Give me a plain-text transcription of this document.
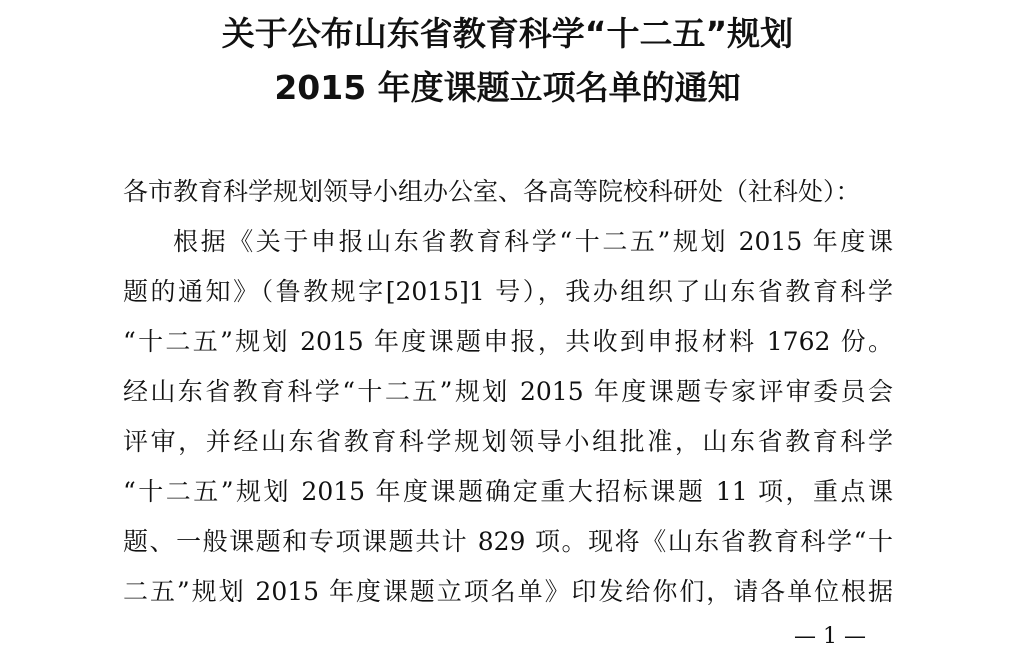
关于公布山东省教育科学“十二五”规划
2015 年度课题立项名单的通知
各市教育科学规划领导小组办公室、各高等院校科研处（社科处）：
根据《关于申报山东省教育科学“十二五”规划 2015 年度课
题的通知》（鲁教规字[2015]1 号），我办组织了山东省教育科学
“十二五”规划 2015 年度课题申报，共收到申报材料 1762 份。
经山东省教育科学“十二五”规划 2015 年度课题专家评审委员会
评审，并经山东省教育科学规划领导小组批准，山东省教育科学
“十二五”规划 2015 年度课题确定重大招标课题 11 项，重点课
题、一般课题和专项课题共计 829 项。现将《山东省教育科学“十
二五”规划 2015 年度课题立项名单》印发给你们，请各单位根据
— 1 —
